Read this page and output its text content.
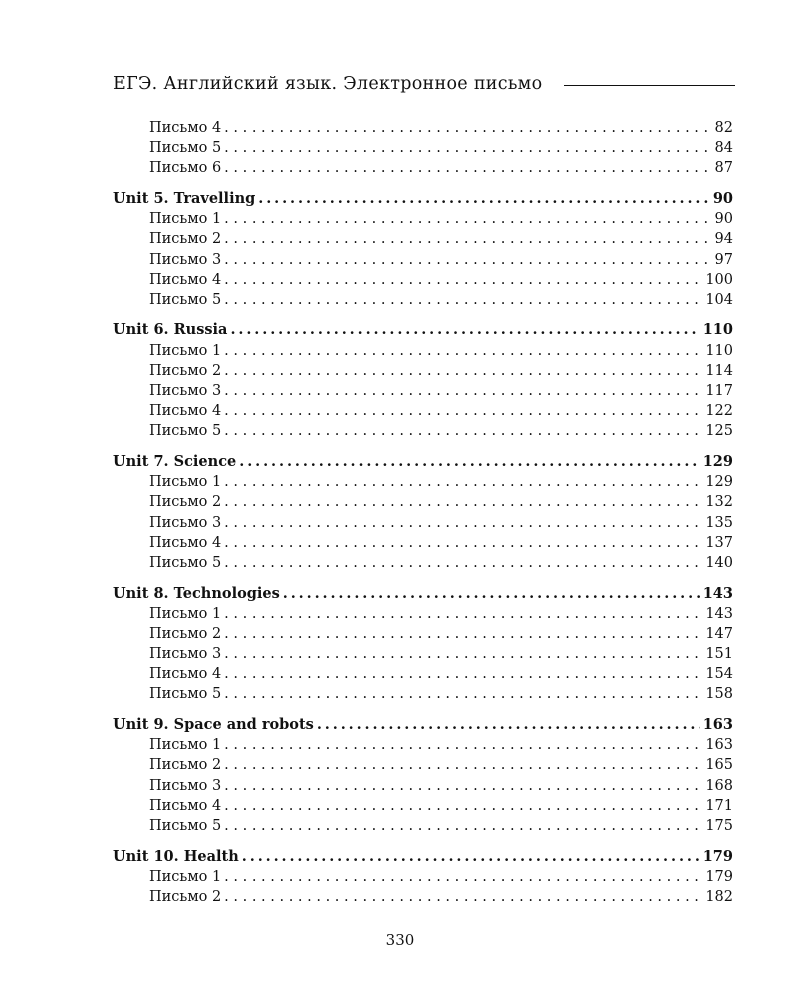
ЕГЭ. Английский язык. Электронное письмо
Письмо 4 . . .	82
Письмо 5 . . .	84
Письмо 6 . . .	87
Unit 5. Travelling .....	90
Письмо 1 . . .	90
Письмо 2 . . .	94
Письмо 3 . . .	97
Письмо 4 . . .	100
Письмо 5 . . .	104
Unit 6. Russia .....	110
Письмо 1 . . .	110
Письмо 2 . . .	114
Письмо 3 . . .	117
Письмо 4 . . .	122
Письмо 5 . . .	125
Unit 7. Science .....	129
Письмо 1 . . .	129
Письмо 2 . . .	132
Письмо 3 . . .	135
Письмо 4 . . .	137
Письмо 5 . . .	140
Unit 8. Technologies .....	143
Письмо 1 . . .	143
Письмо 2 . . .	147
Письмо 3 . . .	151
Письмо 4 . . .	154
Письмо 5 . . .	158
Unit 9. Space and robots .....	163
Письмо 1 . . .	163
Письмо 2 . . .	165
Письмо 3 . . .	168
Письмо 4 . . .	171
Письмо 5 . . .	175
Unit 10. Health .....	179
Письмо 1 . . .	179
Письмо 2 . . .	182
330
